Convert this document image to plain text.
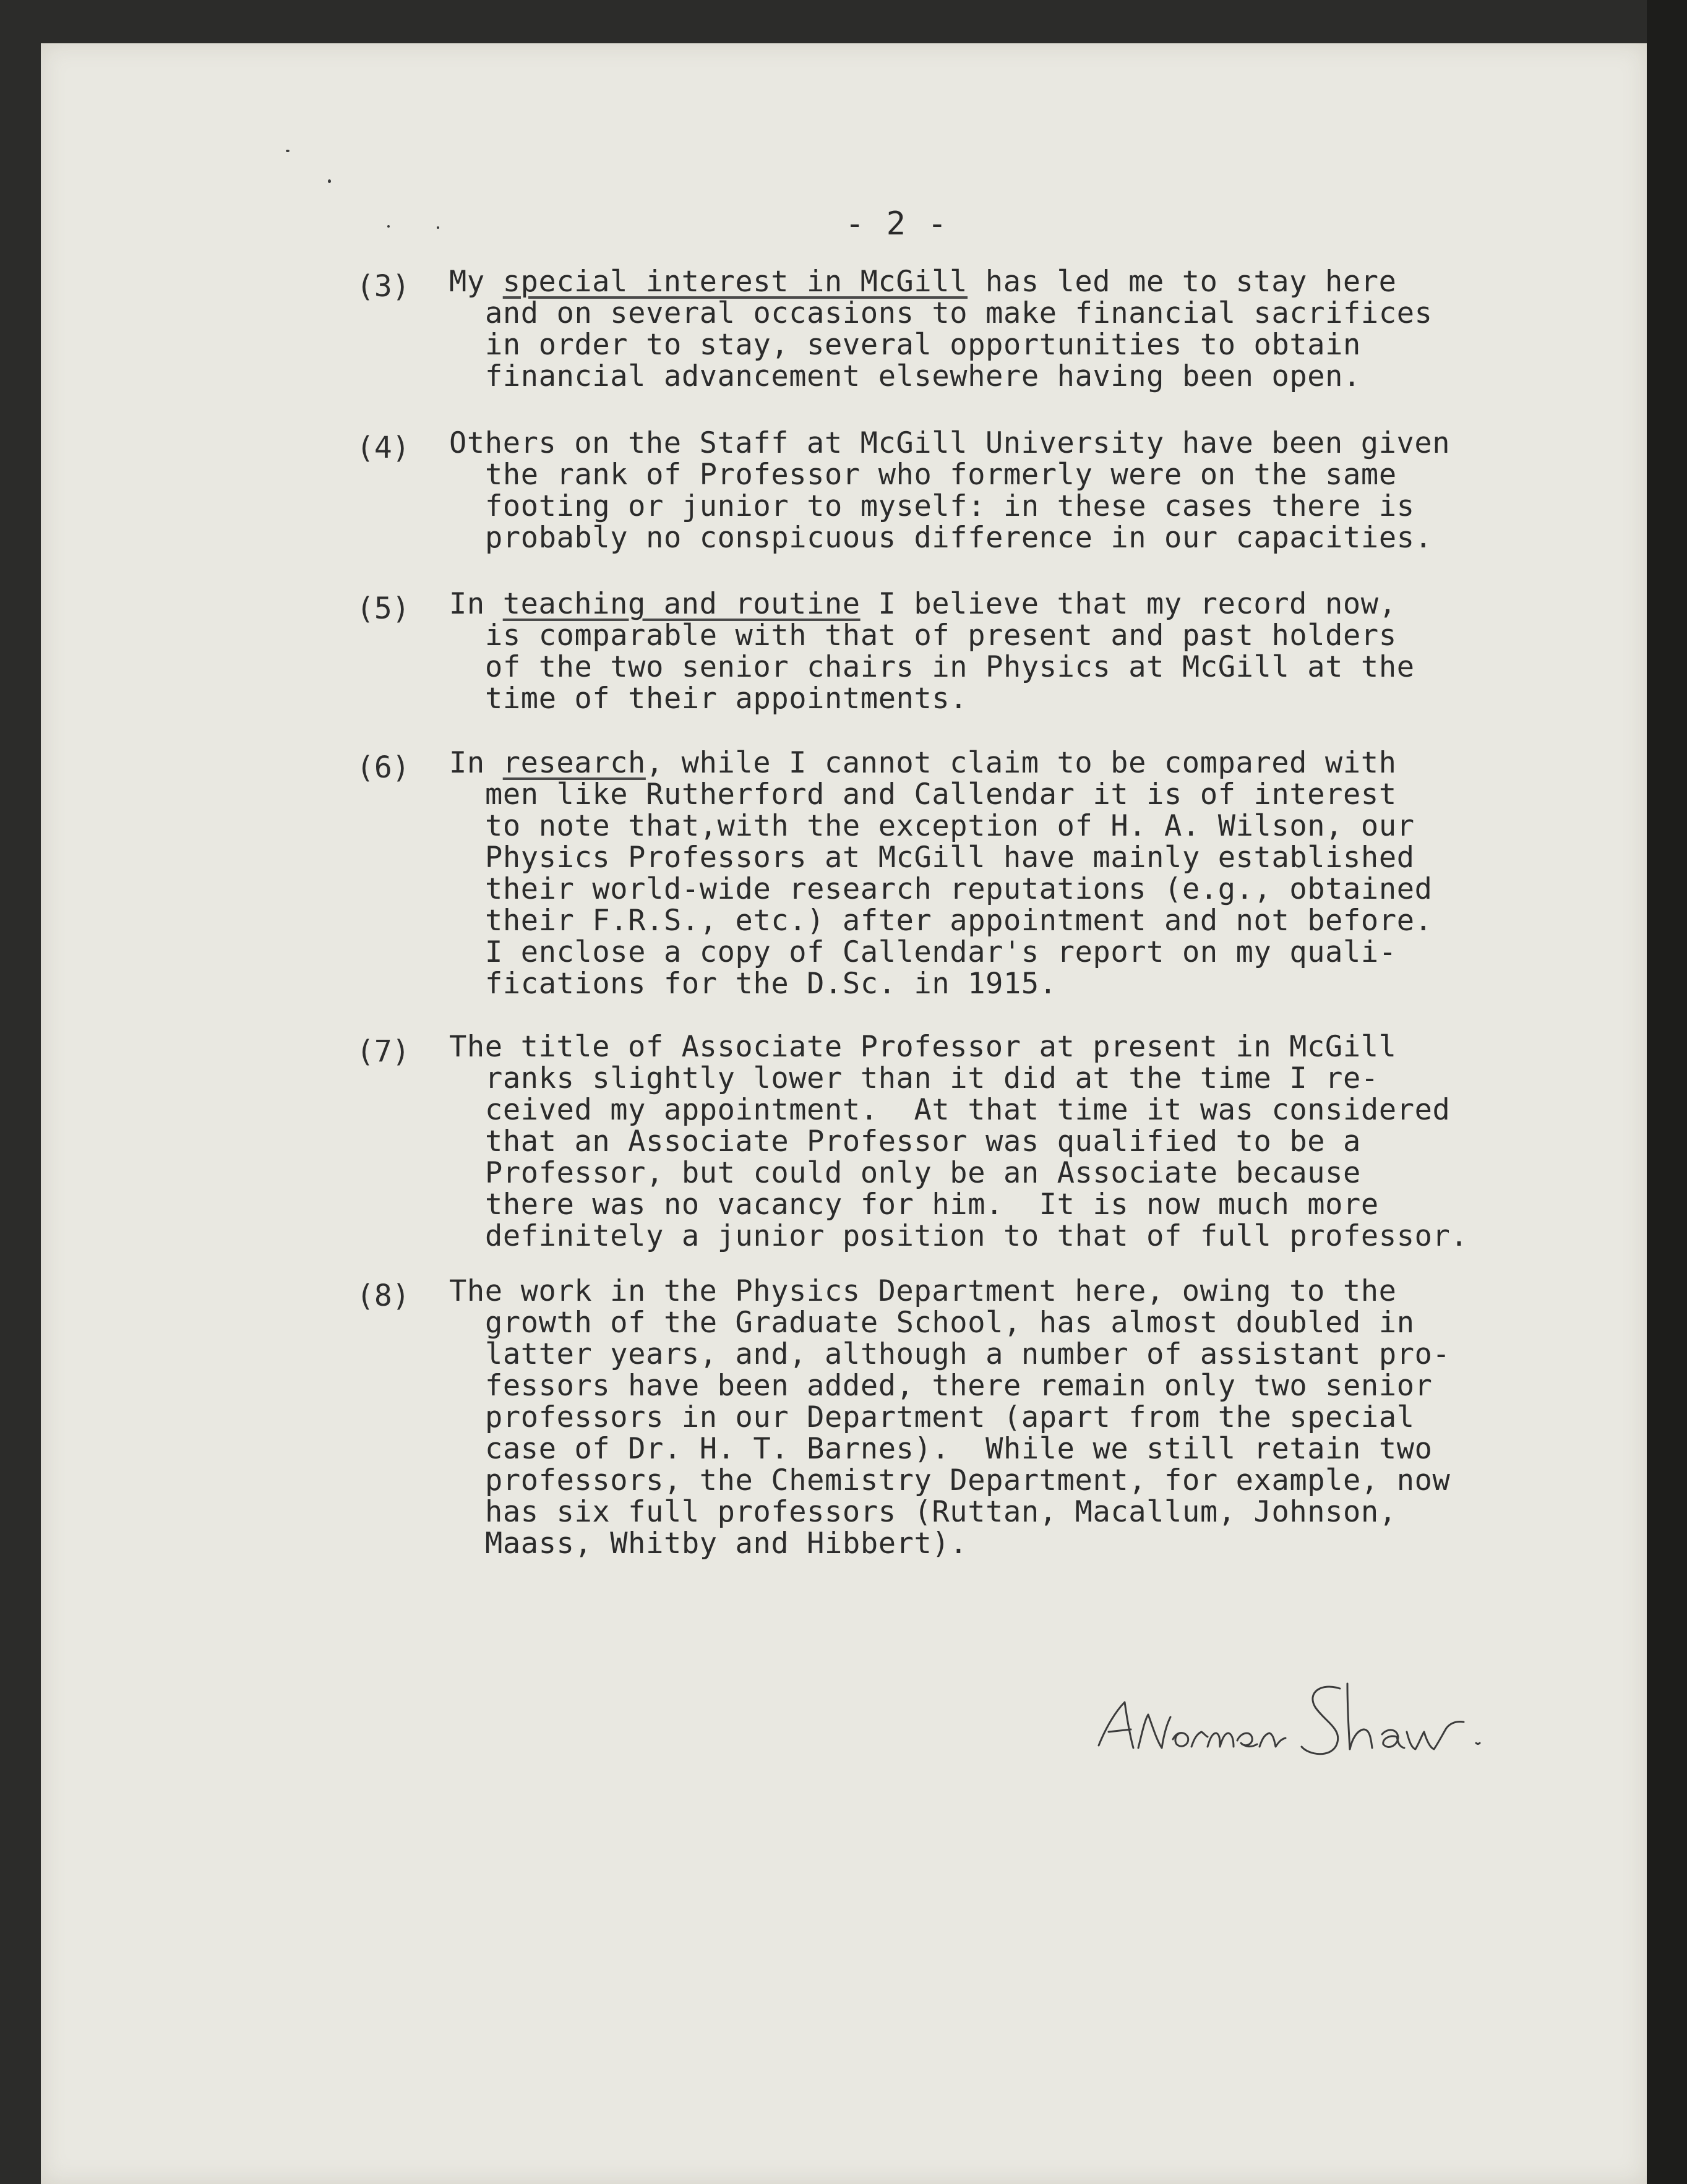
- 2 -
(3) My special interest in McGill has led me to stay here
and on several occasions to make financial sacrifices
in order to stay, several opportunities to obtain
financial advancement elsewhere having been open.
(4) Others on the Staff at McGill University have been given
the rank of Professor who formerly were on the same
footing or junior to myself: in these cases there is
probably no conspicuous difference in our capacities.
(5) In teaching and routine I believe that my record now,
is comparable with that of present and past holders
of the two senior chairs in Physics at McGill at the
time of their appointments.
(6) In research, while I cannot claim to be compared with
men like Rutherford and Callendar it is of interest
to note that,with the exception of H. A. Wilson, our
Physics Professors at McGill have mainly established
their world-wide research reputations (e.g., obtained
their F.R.S., etc.) after appointment and not before.
I enclose a copy of Callendar's report on my quali-
fications for the D.Sc. in 1915.
(7) The title of Associate Professor at present in McGill
ranks slightly lower than it did at the time I re-
ceived my appointment.  At that time it was considered
that an Associate Professor was qualified to be a
Professor, but could only be an Associate because
there was no vacancy for him.  It is now much more
definitely a junior position to that of full professor.
(8) The work in the Physics Department here, owing to the
growth of the Graduate School, has almost doubled in
latter years, and, although a number of assistant pro-
fessors have been added, there remain only two senior
professors in our Department (apart from the special
case of Dr. H. T. Barnes).  While we still retain two
professors, the Chemistry Department, for example, now
has six full professors (Ruttan, Macallum, Johnson,
Maass, Whitby and Hibbert).
